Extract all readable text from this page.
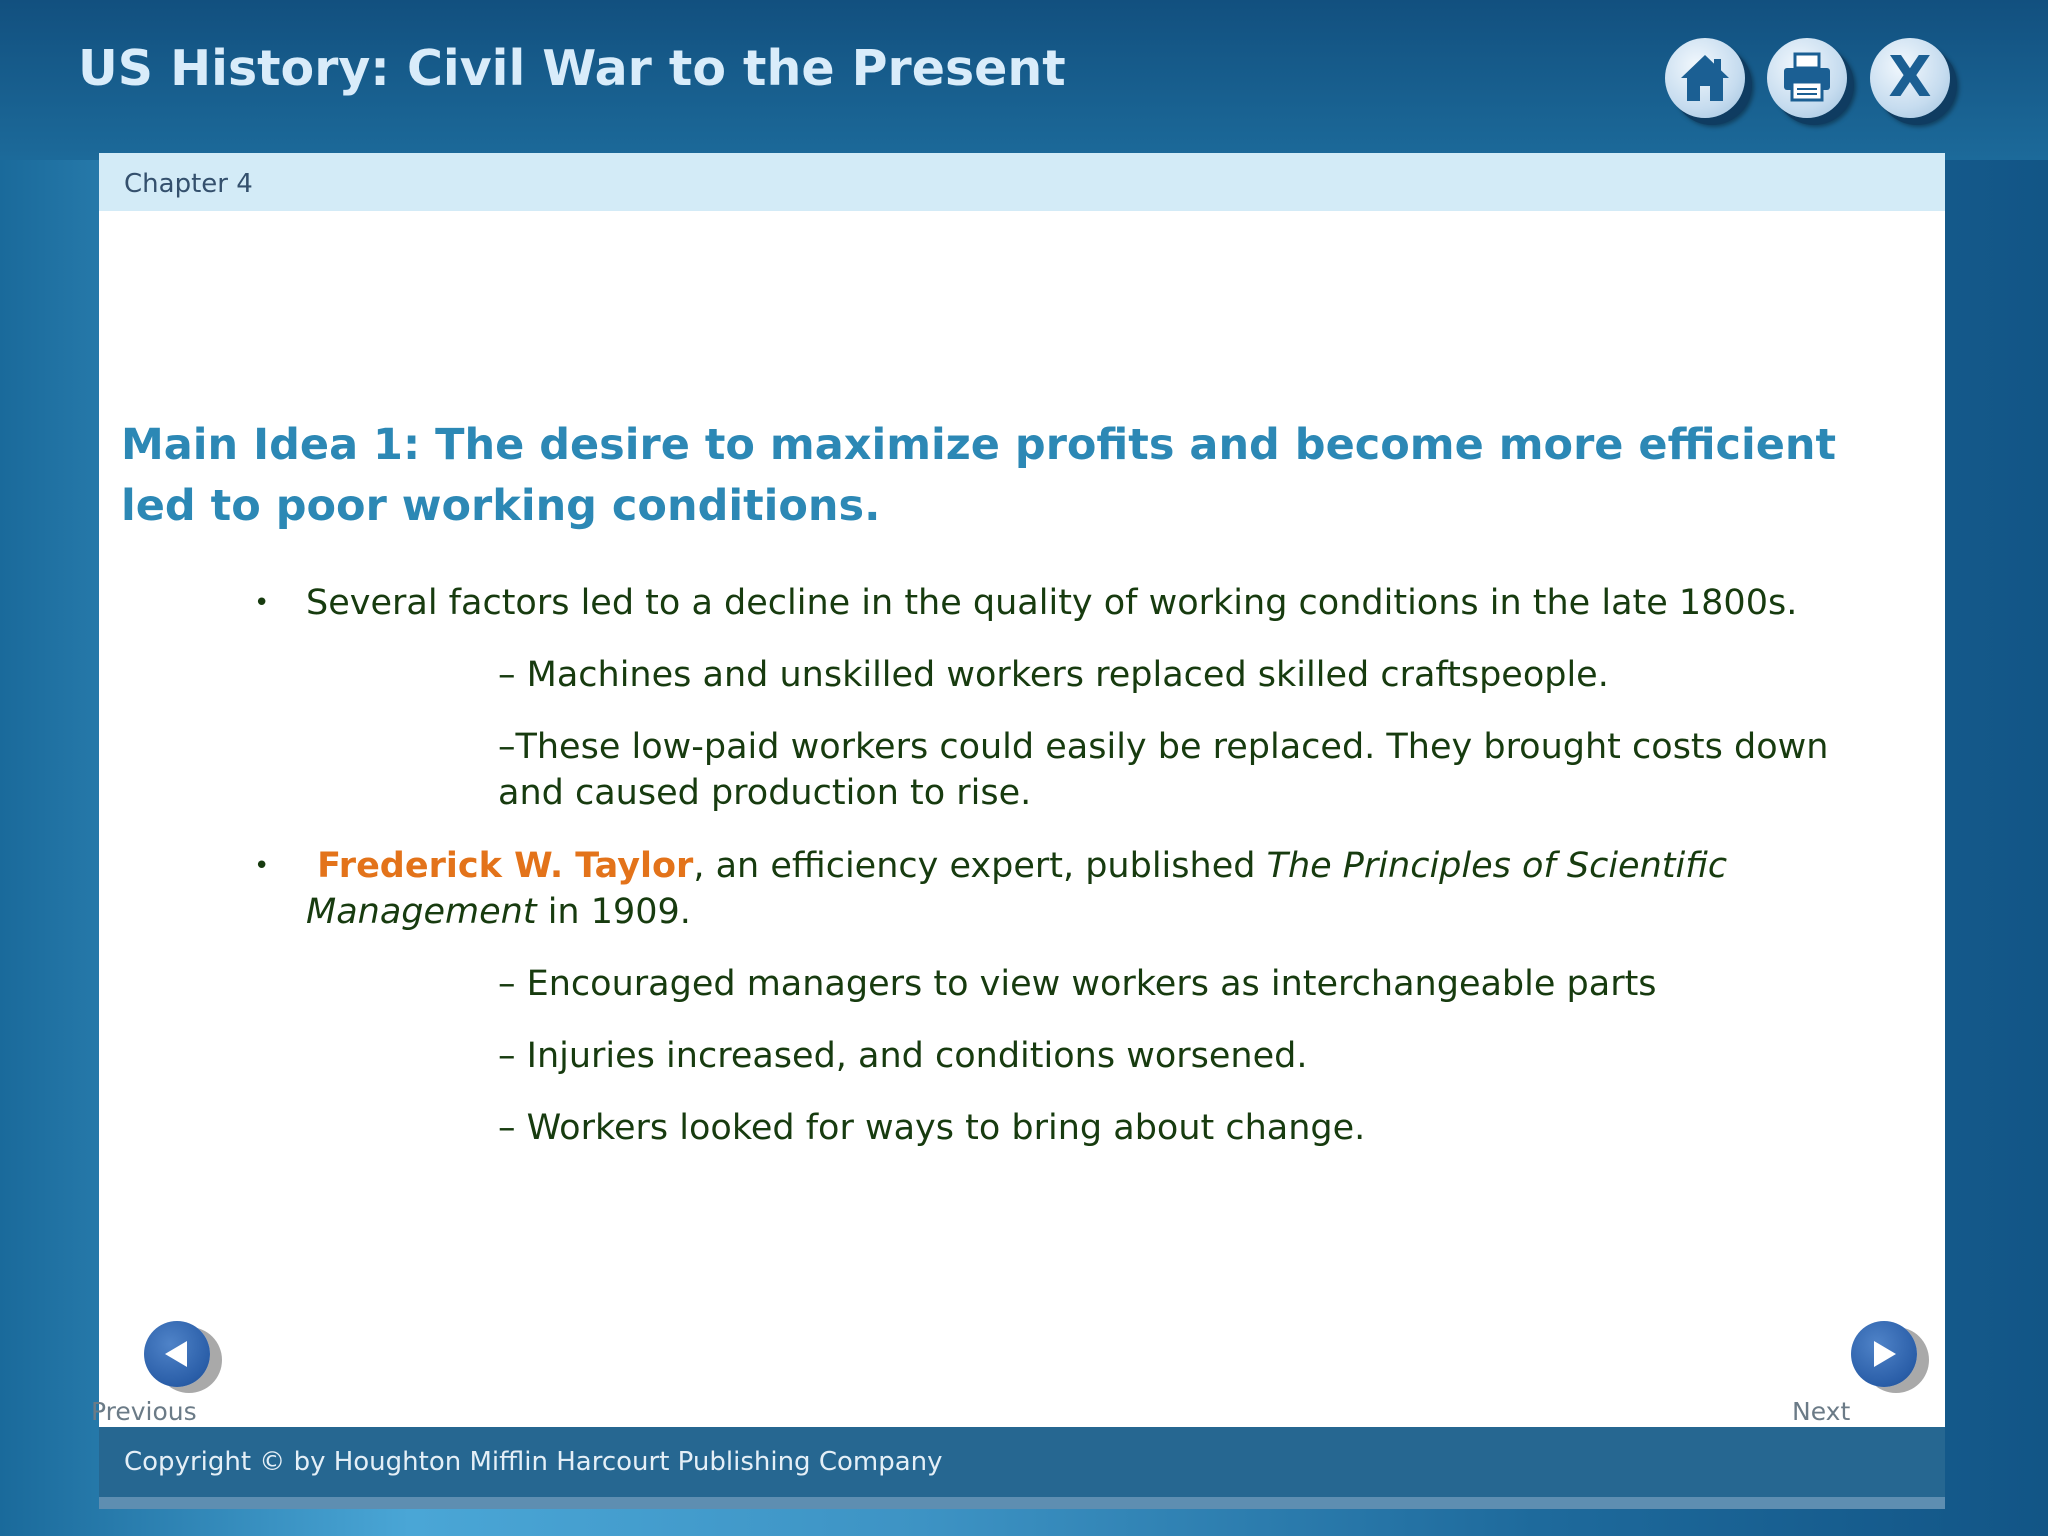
US History: Civil War to the Present	X
Chapter 4
Main Idea 1: The desire to maximize profits and become more efficient led to poor working conditions.
• Several factors led to a decline in the quality of working conditions in the late 1800s.
– Machines and unskilled workers replaced skilled craftspeople.
–These low-paid workers could easily be replaced. They brought costs down and caused production to rise.
•	Frederick W. Taylor, an efficiency expert, published The Principles of Scientific Management in 1909.
– Encouraged managers to view workers as interchangeable parts
– Injuries increased, and conditions worsened.
– Workers looked for ways to bring about change.
Previous	Next
Copyright © by Houghton Mifflin Harcourt Publishing Company
